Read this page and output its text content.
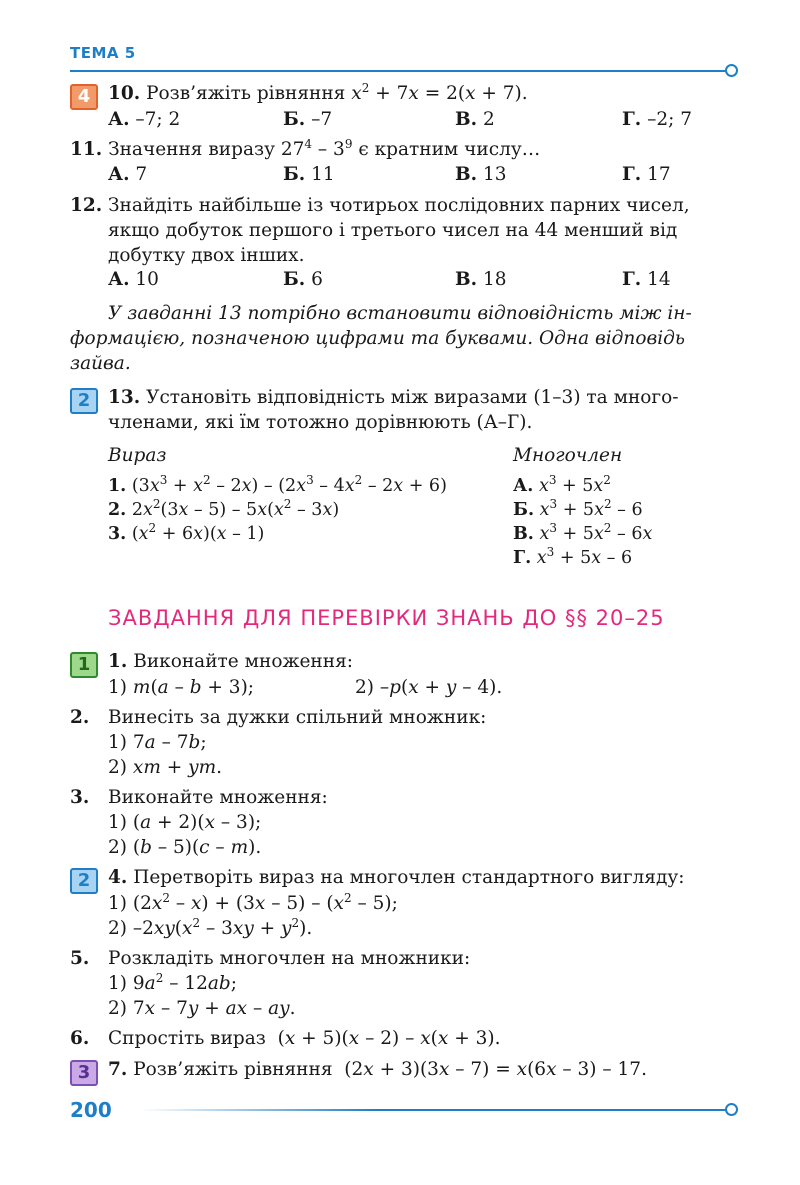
ТЕМА 5
4 10. Розв’яжіть рівняння $x^2 + 7x = 2(x + 7)$.
А. –7; 2	Б. –7	В. 2	Г. –2; 7
11. Значення виразу $27^4 - 3^9$ є кратним числу…
А. 7	Б. 11	В. 13	Г. 17
12. Знайдіть найбільше із чотирьох послідовних парних чисел,
якщо добуток першого і третього чисел на 44 менший від
добутку двох інших.
А. 10	Б. 6	В. 18	Г. 14
У завданні 13 потрібно встановити відповідність між ін-
формацією, позначеною цифрами та буквами. Одна відповідь
зайва.
2 13. Установіть відповідність між виразами (1–3) та много-
членами, які їм тотожно дорівнюють (А–Г).
Вираз	Многочлен
1. $(3x^3 + x^2 - 2x) - (2x^3 - 4x^2 - 2x + 6)$
2. $2x^2(3x - 5) - 5x(x^2 - 3x)$
3. $(x^2 + 6x)(x - 1)$
А. $x^3 + 5x^2$
Б. $x^3 + 5x^2 - 6$
В. $x^3 + 5x^2 - 6x$
Г. $x^3 + 5x - 6$
ЗАВДАННЯ ДЛЯ ПЕРЕВІРКИ ЗНАНЬ ДО §§ 20–25
1 1. Виконайте множення:
1) m(a – b + 3);	2) –p(x + y – 4).
2. Винесіть за дужки спільний множник:
1) 7a – 7b;
2) xm + ym.
3. Виконайте множення:
1) (a + 2)(x – 3);
2) (b – 5)(c – m).
2 4. Перетворіть вираз на многочлен стандартного вигляду:
1) $(2x^2 - x) + (3x - 5) - (x^2 - 5)$;
2) $-2xy(x^2 - 3xy + y^2)$.
5. Розкладіть многочлен на множники:
1) $9a^2 - 12ab$;
2) 7x – 7y + ax – ay.
6. Спростіть вираз  (x + 5)(x – 2) – x(x + 3).
3 7. Розв’яжіть рівняння  (2x + 3)(3x – 7) = x(6x – 3) – 17.
200
